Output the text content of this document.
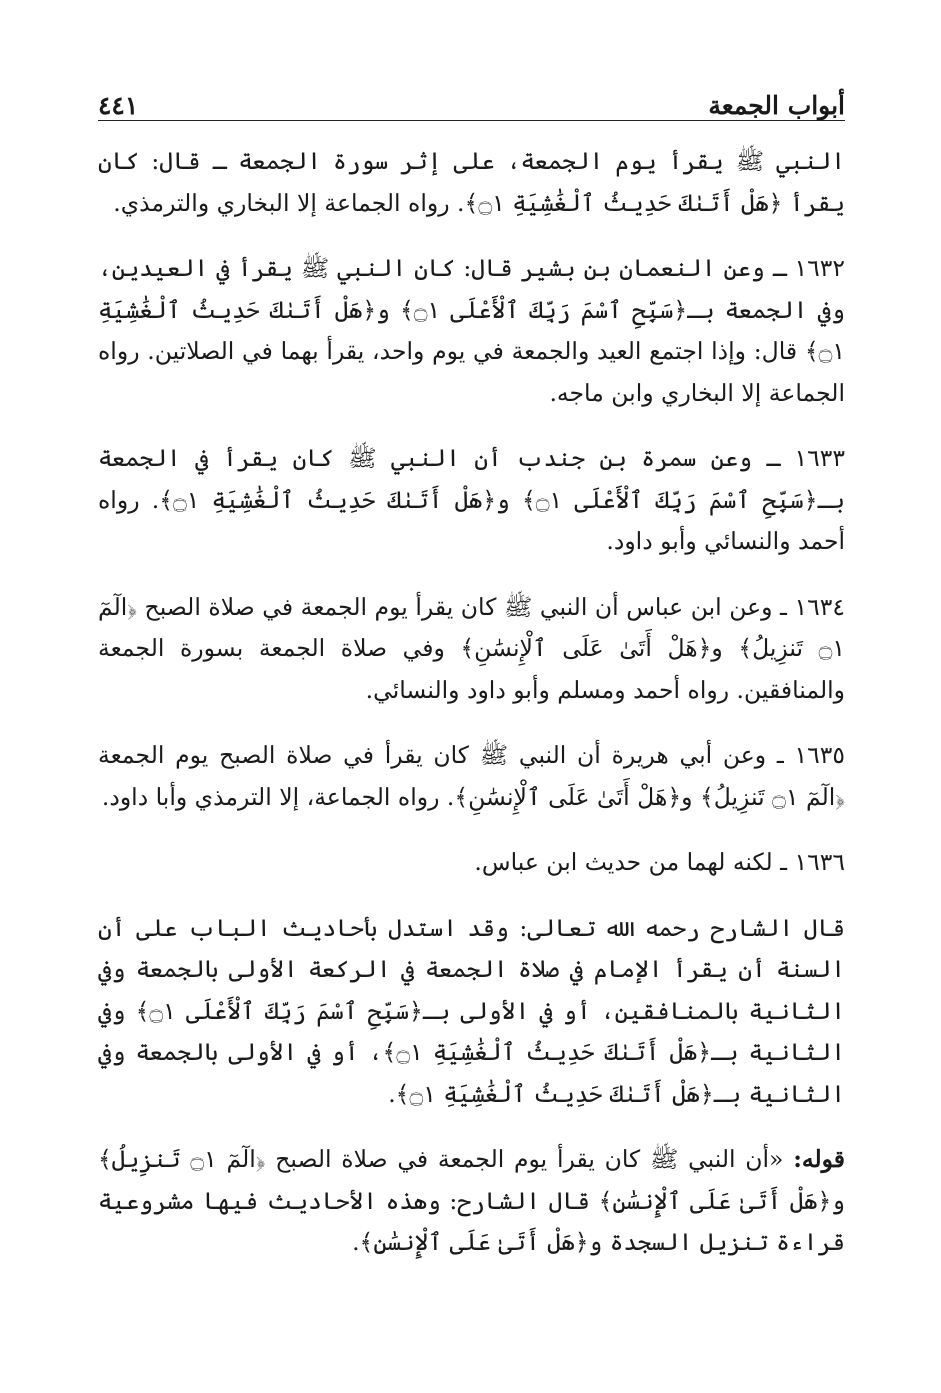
أبواب الجمعة
٤٤١

النبي ﷺ يقرأ يوم الجمعة، على إثر سورة الجمعة ـ قال: كان يقرأ ﴿هَلْ أَتَىٰكَ حَدِيثُ ٱلْغَٰشِيَةِ ۝١﴾. رواه الجماعة إلا البخاري والترمذي.

١٦٣٢ ـ وعن النعمان بن بشير قال: كان النبي ﷺ يقرأ في العيدين، وفي الجمعة بـ﴿سَبِّحِ ٱسْمَ رَبِّكَ ٱلْأَعْلَى ۝١﴾ و﴿هَلْ أَتَىٰكَ حَدِيثُ ٱلْغَٰشِيَةِ ۝١﴾ قال: وإذا اجتمع العيد والجمعة في يوم واحد، يقرأ بهما في الصلاتين. رواه الجماعة إلا البخاري وابن ماجه.

١٦٣٣ ـ وعن سمرة بن جندب أن النبي ﷺ كان يقرأ في الجمعة بـ﴿سَبِّحِ ٱسْمَ رَبِّكَ ٱلْأَعْلَى ۝١﴾ و﴿هَلْ أَتَىٰكَ حَدِيثُ ٱلْغَٰشِيَةِ ۝١﴾. رواه أحمد والنسائي وأبو داود.

١٦٣٤ ـ وعن ابن عباس أن النبي ﷺ كان يقرأ يوم الجمعة في صلاة الصبح ﴿الٓمٓ ۝١ تَنزِيلُ﴾ و﴿هَلْ أَتَىٰ عَلَى ٱلْإِنسَٰنِ﴾ وفي صلاة الجمعة بسورة الجمعة والمنافقين. رواه أحمد ومسلم وأبو داود والنسائي.

١٦٣٥ ـ وعن أبي هريرة أن النبي ﷺ كان يقرأ في صلاة الصبح يوم الجمعة ﴿الٓمٓ ۝١ تَنزِيلُ﴾ و﴿هَلْ أَتَىٰ عَلَى ٱلْإِنسَٰنِ﴾. رواه الجماعة، إلا الترمذي وأبا داود.

١٦٣٦ ـ لكنه لهما من حديث ابن عباس.

قال الشارح رحمه الله تعالى: وقد استدل بأحاديث الباب على أن السنة أن يقرأ الإمام في صلاة الجمعة في الركعة الأولى بالجمعة وفي الثانية بالمنافقين، أو في الأولى بـ﴿سَبِّحِ ٱسْمَ رَبِّكَ ٱلْأَعْلَى ۝١﴾ وفي الثانية بـ﴿هَلْ أَتَىٰكَ حَدِيثُ ٱلْغَٰشِيَةِ ۝١﴾، أو في الأولى بالجمعة وفي الثانية بـ﴿هَلْ أَتَىٰكَ حَدِيثُ ٱلْغَٰشِيَةِ ۝١﴾.

قوله: «أن النبي ﷺ كان يقرأ يوم الجمعة في صلاة الصبح ﴿الٓمٓ ۝١ تَنزِيلُ﴾ و﴿هَلْ أَتَىٰ عَلَى ٱلْإِنسَٰنِ﴾ قال الشارح: وهذه الأحاديث فيها مشروعية قراءة تنزيل السجدة و﴿هَلْ أَتَىٰ عَلَى ٱلْإِنسَٰنِ﴾.
